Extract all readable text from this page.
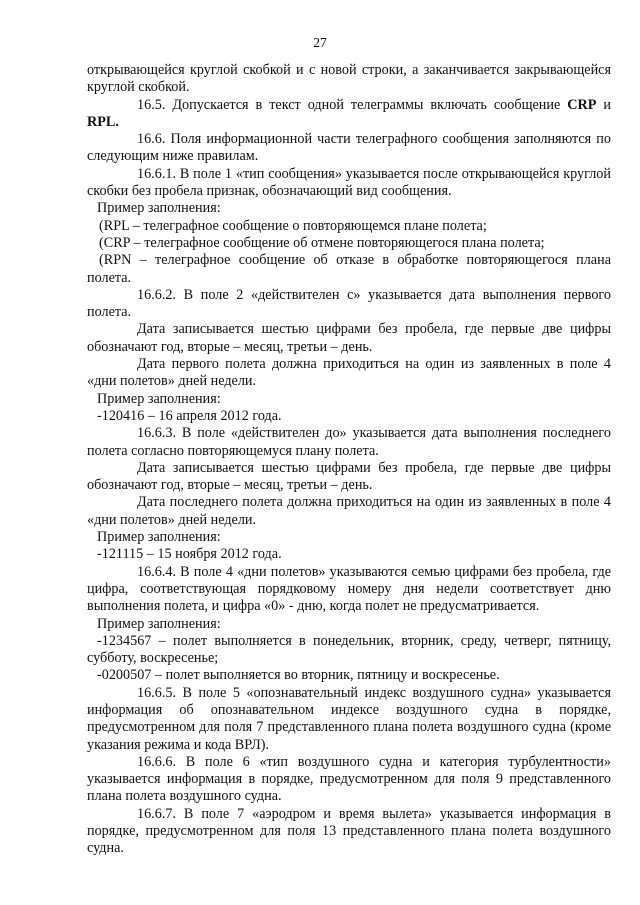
27

открывающейся круглой скобкой и с новой строки, а заканчивается закрывающейся круглой скобкой.

16.5. Допускается в текст одной телеграммы включать сообщение CRP и RPL.

16.6. Поля информационной части телеграфного сообщения заполняются по следующим ниже правилам.

16.6.1. В поле 1 «тип сообщения» указывается после открывающейся круглой скобки без пробела признак, обозначающий вид сообщения.

Пример заполнения:

(RPL – телеграфное сообщение о повторяющемся плане полета;

(CRP – телеграфное сообщение об отмене повторяющегося плана полета;

(RPN – телеграфное сообщение об отказе в обработке повторяющегося плана полета.

16.6.2. В поле 2 «действителен с» указывается дата выполнения первого полета.

Дата записывается шестью цифрами без пробела, где первые две цифры обозначают год, вторые – месяц, третьи – день.

Дата первого полета должна приходиться на один из заявленных в поле 4 «дни полетов» дней недели.

Пример заполнения:

-120416 – 16 апреля 2012 года.

16.6.3. В поле «действителен до» указывается дата выполнения последнего полета согласно повторяющемуся плану полета.

Дата записывается шестью цифрами без пробела, где первые две цифры обозначают год, вторые – месяц, третьи – день.

Дата последнего полета должна приходиться на один из заявленных в поле 4 «дни полетов» дней недели.

Пример заполнения:

-121115 – 15 ноября 2012 года.

16.6.4. В поле 4 «дни полетов» указываются семью цифрами без пробела, где цифра, соответствующая порядковому номеру дня недели соответствует дню выполнения полета, и цифра «0» - дню, когда полет не предусматривается.

Пример заполнения:

-1234567 – полет выполняется в понедельник, вторник, среду, четверг, пятницу, субботу, воскресенье;

-0200507 – полет выполняется во вторник, пятницу и воскресенье.

16.6.5. В поле 5 «опознавательный индекс воздушного судна» указывается информация об опознавательном индексе воздушного судна в порядке, предусмотренном для поля 7 представленного плана полета воздушного судна (кроме указания режима и кода ВРЛ).

16.6.6. В поле 6 «тип воздушного судна и категория турбулентности» указывается информация в порядке, предусмотренном для поля 9 представленного плана полета воздушного судна.

16.6.7. В поле 7 «аэродром и время вылета» указывается информация в порядке, предусмотренном для поля 13 представленного плана полета воздушного судна.
